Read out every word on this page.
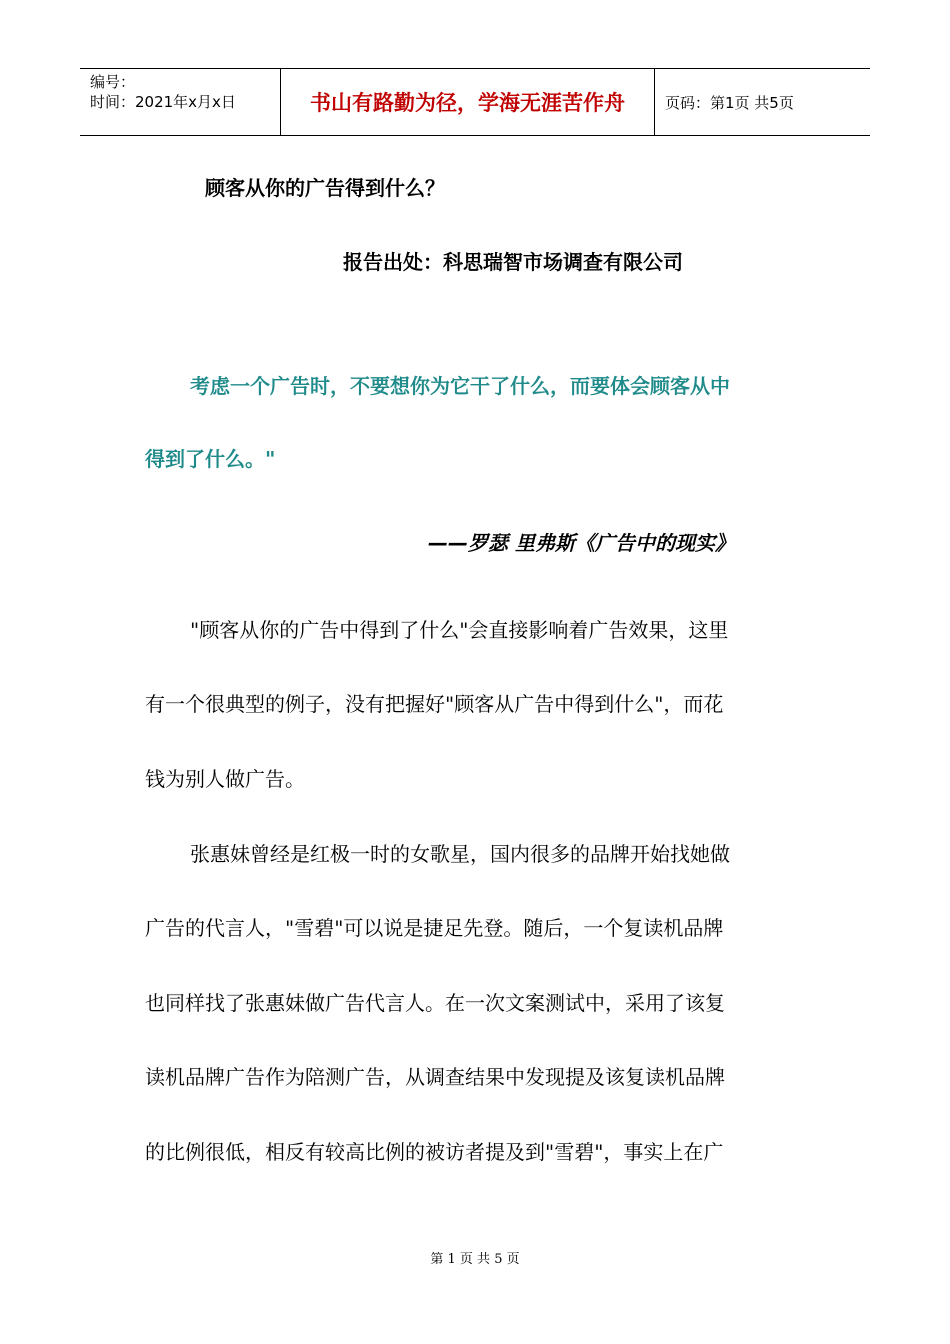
编号：
时间：2021年x月x日	书山有路勤为径，学海无涯苦作舟	页码：第1页 共5页
顾客从你的广告得到什么？
报告出处：科思瑞智市场调查有限公司
考虑一个广告时，不要想你为它干了什么，而要体会顾客从中
得到了什么。"
——罗瑟 里弗斯《广告中的现实》
"顾客从你的广告中得到了什么"会直接影响着广告效果，这里
有一个很典型的例子，没有把握好"顾客从广告中得到什么"，而花
钱为别人做广告。
张惠妹曾经是红极一时的女歌星，国内很多的品牌开始找她做
广告的代言人，"雪碧"可以说是捷足先登。随后，一个复读机品牌
也同样找了张惠妹做广告代言人。在一次文案测试中，采用了该复
读机品牌广告作为陪测广告，从调查结果中发现提及该复读机品牌
的比例很低，相反有较高比例的被访者提及到"雪碧"，事实上在广
第 1 页 共 5 页
